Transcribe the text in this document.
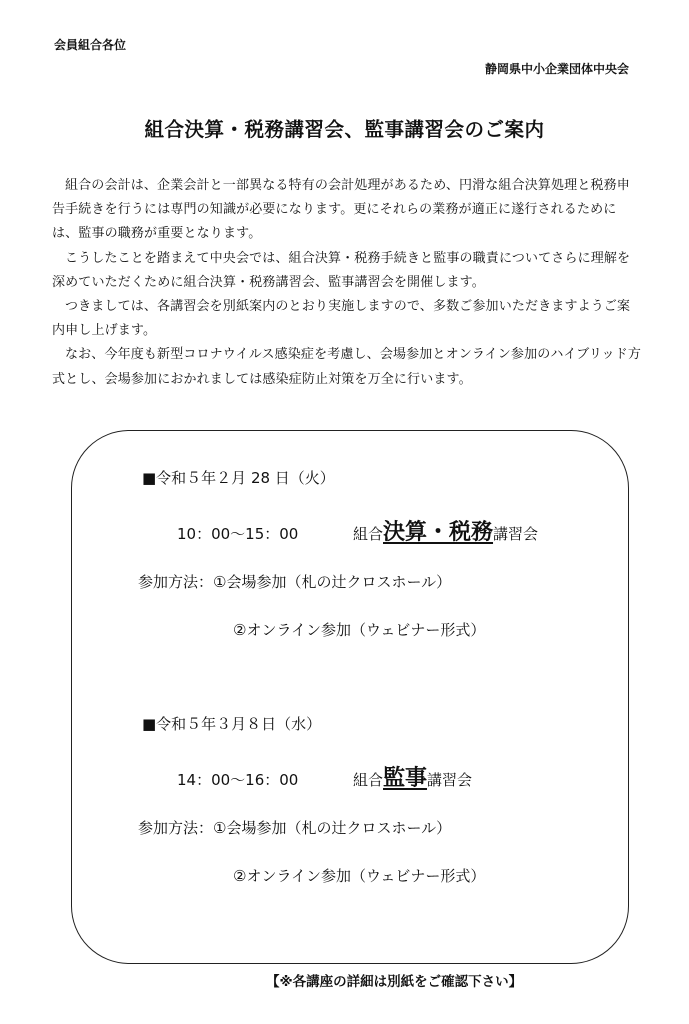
会員組合各位
静岡県中小企業団体中央会
組合決算・税務講習会、監事講習会のご案内

組合の会計は、企業会計と一部異なる特有の会計処理があるため、円滑な組合決算処理と税務申告手続きを行うには専門の知識が必要になります。更にそれらの業務が適正に遂行されるためには、監事の職務が重要となります。

こうしたことを踏まえて中央会では、組合決算・税務手続きと監事の職責についてさらに理解を深めていただくために組合決算・税務講習会、監事講習会を開催します。

つきましては、各講習会を別紙案内のとおり実施しますので、多数ご参加いただきますようご案内申し上げます。

なお、今年度も新型コロナウイルス感染症を考慮し、会場参加とオンライン参加のハイブリッド方式とし、会場参加におかれましては感染症防止対策を万全に行います。

■令和５年２月 28 日（火）
10：00～15：00	組合決算・税務講習会
参加方法：①会場参加（札の辻クロスホール）
②オンライン参加（ウェビナー形式）
■令和５年３月８日（水）
14：00～16：00	組合監事講習会
参加方法：①会場参加（札の辻クロスホール）
②オンライン参加（ウェビナー形式）
【※各講座の詳細は別紙をご確認下さい】
